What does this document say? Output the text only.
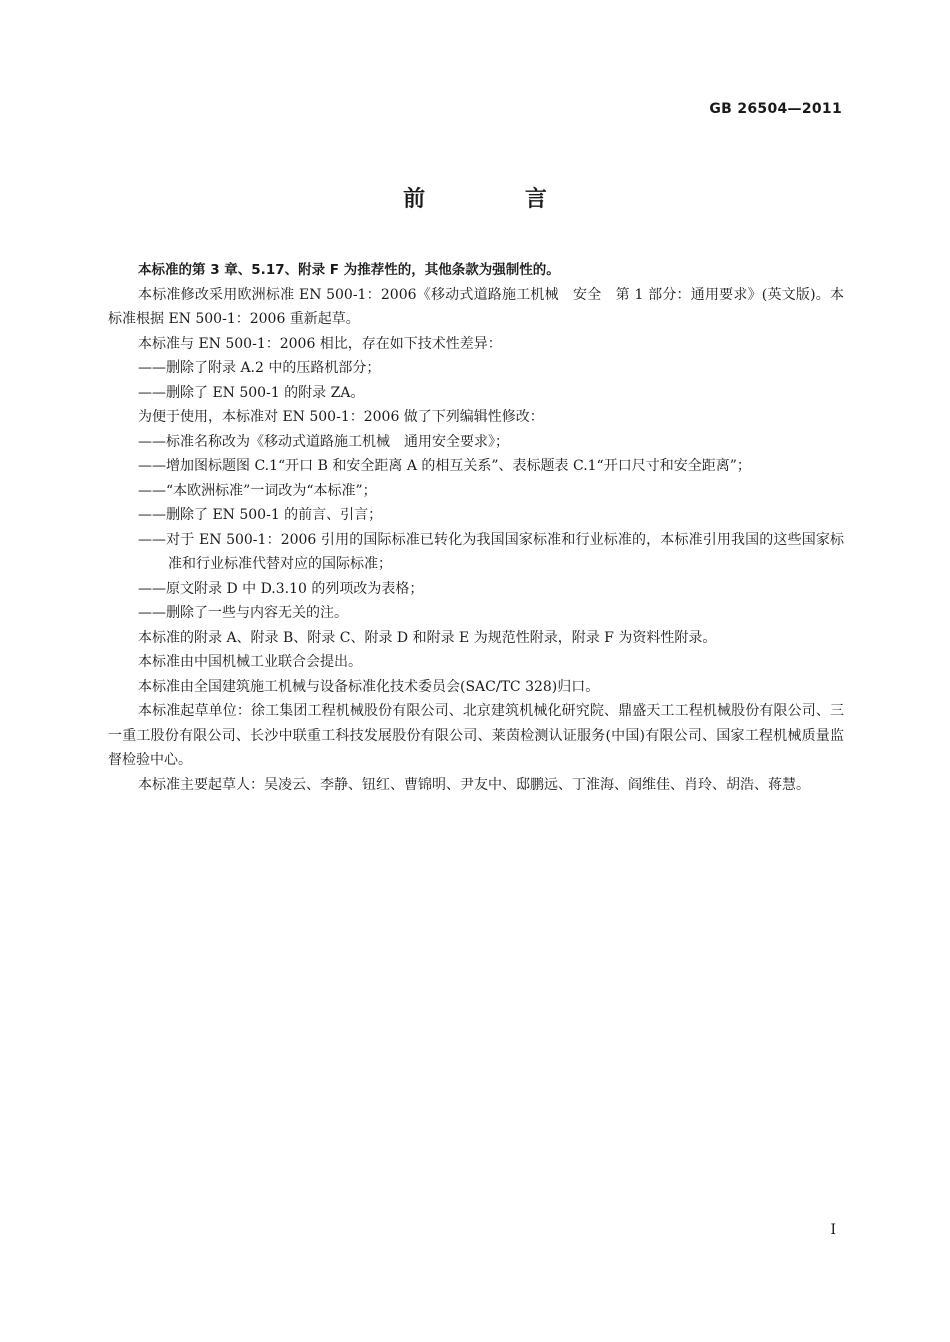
GB 26504—2011
前 言

本标准的第 3 章、5.17、附录 F 为推荐性的，其他条款为强制性的。

本标准修改采用欧洲标准 EN 500-1：2006《移动式道路施工机械　安全　第 1 部分：通用要求》(英文版)。本标准根据 EN 500-1：2006 重新起草。

本标准与 EN 500-1：2006 相比，存在如下技术性差异：

——删除了附录 A.2 中的压路机部分；

——删除了 EN 500-1 的附录 ZA。

为便于使用，本标准对 EN 500-1：2006 做了下列编辑性修改：

——标准名称改为《移动式道路施工机械　通用安全要求》；

——增加图标题图 C.1“开口 B 和安全距离 A 的相互关系”、表标题表 C.1“开口尺寸和安全距离”；

——“本欧洲标准”一词改为“本标准”；

——删除了 EN 500-1 的前言、引言；

——对于 EN 500-1：2006 引用的国际标准已转化为我国国家标准和行业标准的，本标准引用我国的这些国家标准和行业标准代替对应的国际标准；

——原文附录 D 中 D.3.10 的列项改为表格；

——删除了一些与内容无关的注。

本标准的附录 A、附录 B、附录 C、附录 D 和附录 E 为规范性附录，附录 F 为资料性附录。

本标准由中国机械工业联合会提出。

本标准由全国建筑施工机械与设备标准化技术委员会(SAC/TC 328)归口。

本标准起草单位：徐工集团工程机械股份有限公司、北京建筑机械化研究院、鼎盛天工工程机械股份有限公司、三一重工股份有限公司、长沙中联重工科技发展股份有限公司、莱茵检测认证服务(中国)有限公司、国家工程机械质量监督检验中心。

本标准主要起草人：吴凌云、李静、钮红、曹锦明、尹友中、邸鹏远、丁淮海、阎维佳、肖玲、胡浩、蒋慧。

I
